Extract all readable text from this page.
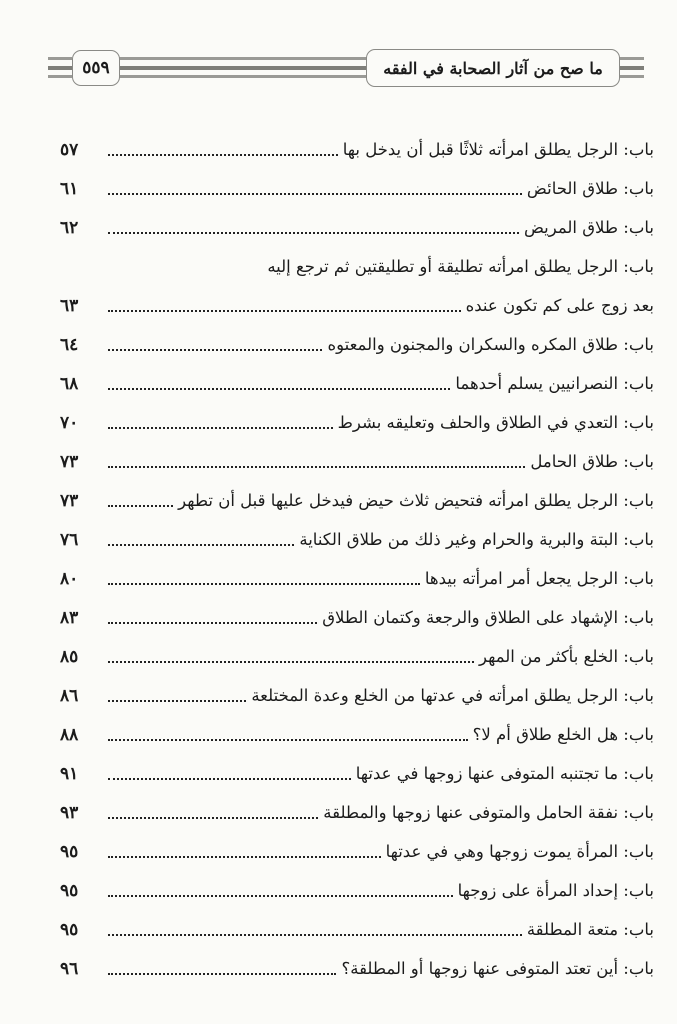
٥٥٩	ما صح من آثار الصحابة في الفقه
باب: الرجل يطلق امرأته ثلاثًا قبل أن يدخل بها
٥٧
باب: طلاق الحائض
٦١
باب: طلاق المريض
٦٢
باب: الرجل يطلق امرأته تطليقة أو تطليقتين ثم ترجع إليه
بعد زوج على كم تكون عنده
٦٣
باب: طلاق المكره والسكران والمجنون والمعتوه
٦٤
باب: النصرانيين يسلم أحدهما
٦٨
باب: التعدي في الطلاق والحلف وتعليقه بشرط
٧٠
باب: طلاق الحامل
٧٣
باب: الرجل يطلق امرأته فتحيض ثلاث حيض فيدخل عليها قبل أن تطهر
٧٣
باب: البتة والبرية والحرام وغير ذلك من طلاق الكناية
٧٦
باب: الرجل يجعل أمر امرأته بيدها
٨٠
باب: الإشهاد على الطلاق والرجعة وكتمان الطلاق
٨٣
باب: الخلع بأكثر من المهر
٨٥
باب: الرجل يطلق امرأته في عدتها من الخلع وعدة المختلعة
٨٦
باب: هل الخلع طلاق أم لا؟
٨٨
باب: ما تجتنبه المتوفى عنها زوجها في عدتها
٩١
باب: نفقة الحامل والمتوفى عنها زوجها والمطلقة
٩٣
باب: المرأة يموت زوجها وهي في عدتها
٩٥
باب: إحداد المرأة على زوجها
٩٥
باب: متعة المطلقة
٩٥
باب: أين تعتد المتوفى عنها زوجها أو المطلقة؟
٩٦
